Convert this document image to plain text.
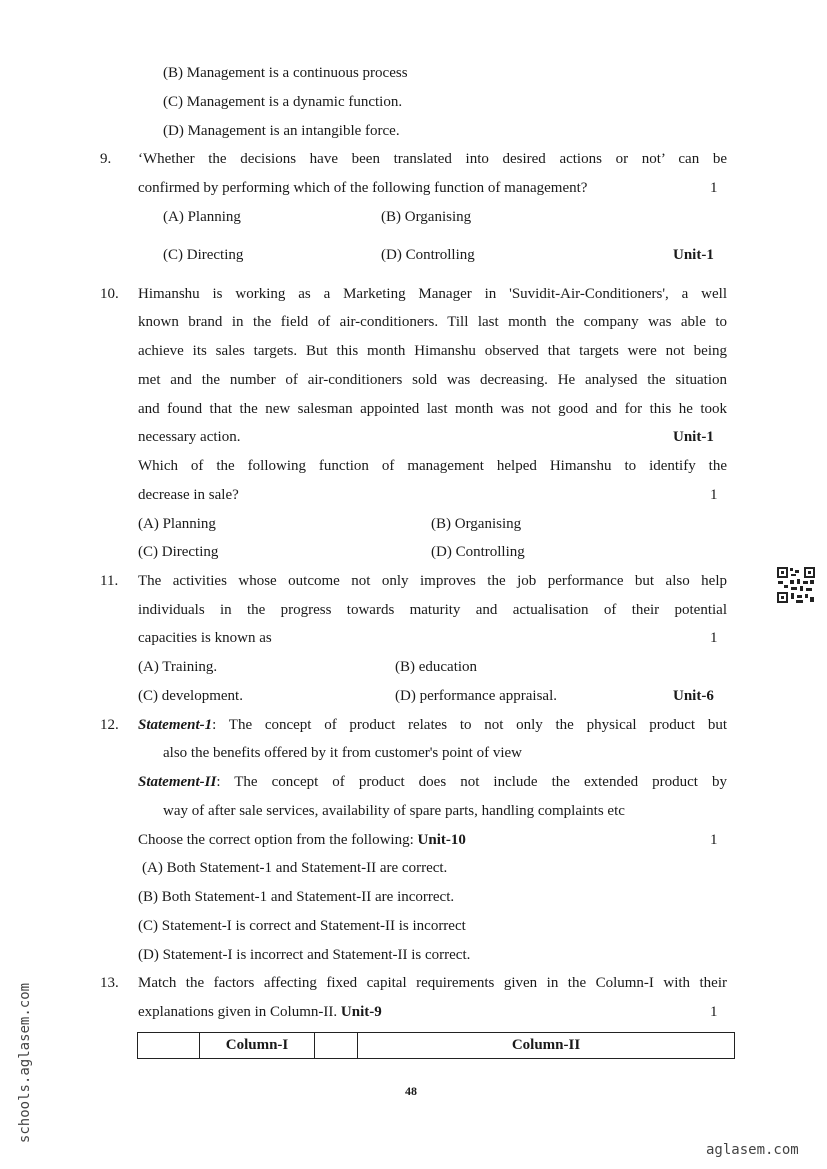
(B) Management is a continuous process
(C) Management is a dynamic function.
(D) Management is an intangible force.
9. ‘Whether the decisions have been translated into desired actions or not’ can be
confirmed by performing which of the following function of management?	1
(A) Planning	(B) Organising
(C) Directing	(D) Controlling	Unit-1
10. Himanshu is working as a Marketing Manager in 'Suvidit-Air-Conditioners', a well
known brand in the field of air-conditioners. Till last month the company was able to
achieve its sales targets. But this month Himanshu observed that targets were not being
met and the number of air-conditioners sold was decreasing. He analysed the situation
and found that the new salesman appointed last month was not good and for this he took
necessary action.	Unit-1
Which of the following function of management helped Himanshu to identify the
decrease in sale?	1
(A) Planning	(B) Organising
(C) Directing	(D) Controlling
11. The activities whose outcome not only improves the job performance but also help
individuals in the progress towards maturity and actualisation of their potential
capacities is known as	1
(A) Training.	(B) education
(C) development.	(D) performance appraisal.	Unit-6
12. Statement-1: The concept of product relates to not only the physical product but
also the benefits offered by it from customer's point of view
Statement-II: The concept of product does not include the extended product by
way of after sale services, availability of spare parts, handling complaints etc
Choose the correct option from the following: Unit-10	1
(A) Both Statement-1 and Statement-II are correct.
(B) Both Statement-1 and Statement-II are incorrect.
(C) Statement-I is correct and Statement-II is incorrect
(D) Statement-I is incorrect and Statement-II is correct.
13. Match the factors affecting fixed capital requirements given in the Column-I with their
explanations given in Column-II. Unit-9	1
	Column-I		Column-II
48
schools.aglasem.com
aglasem.com
